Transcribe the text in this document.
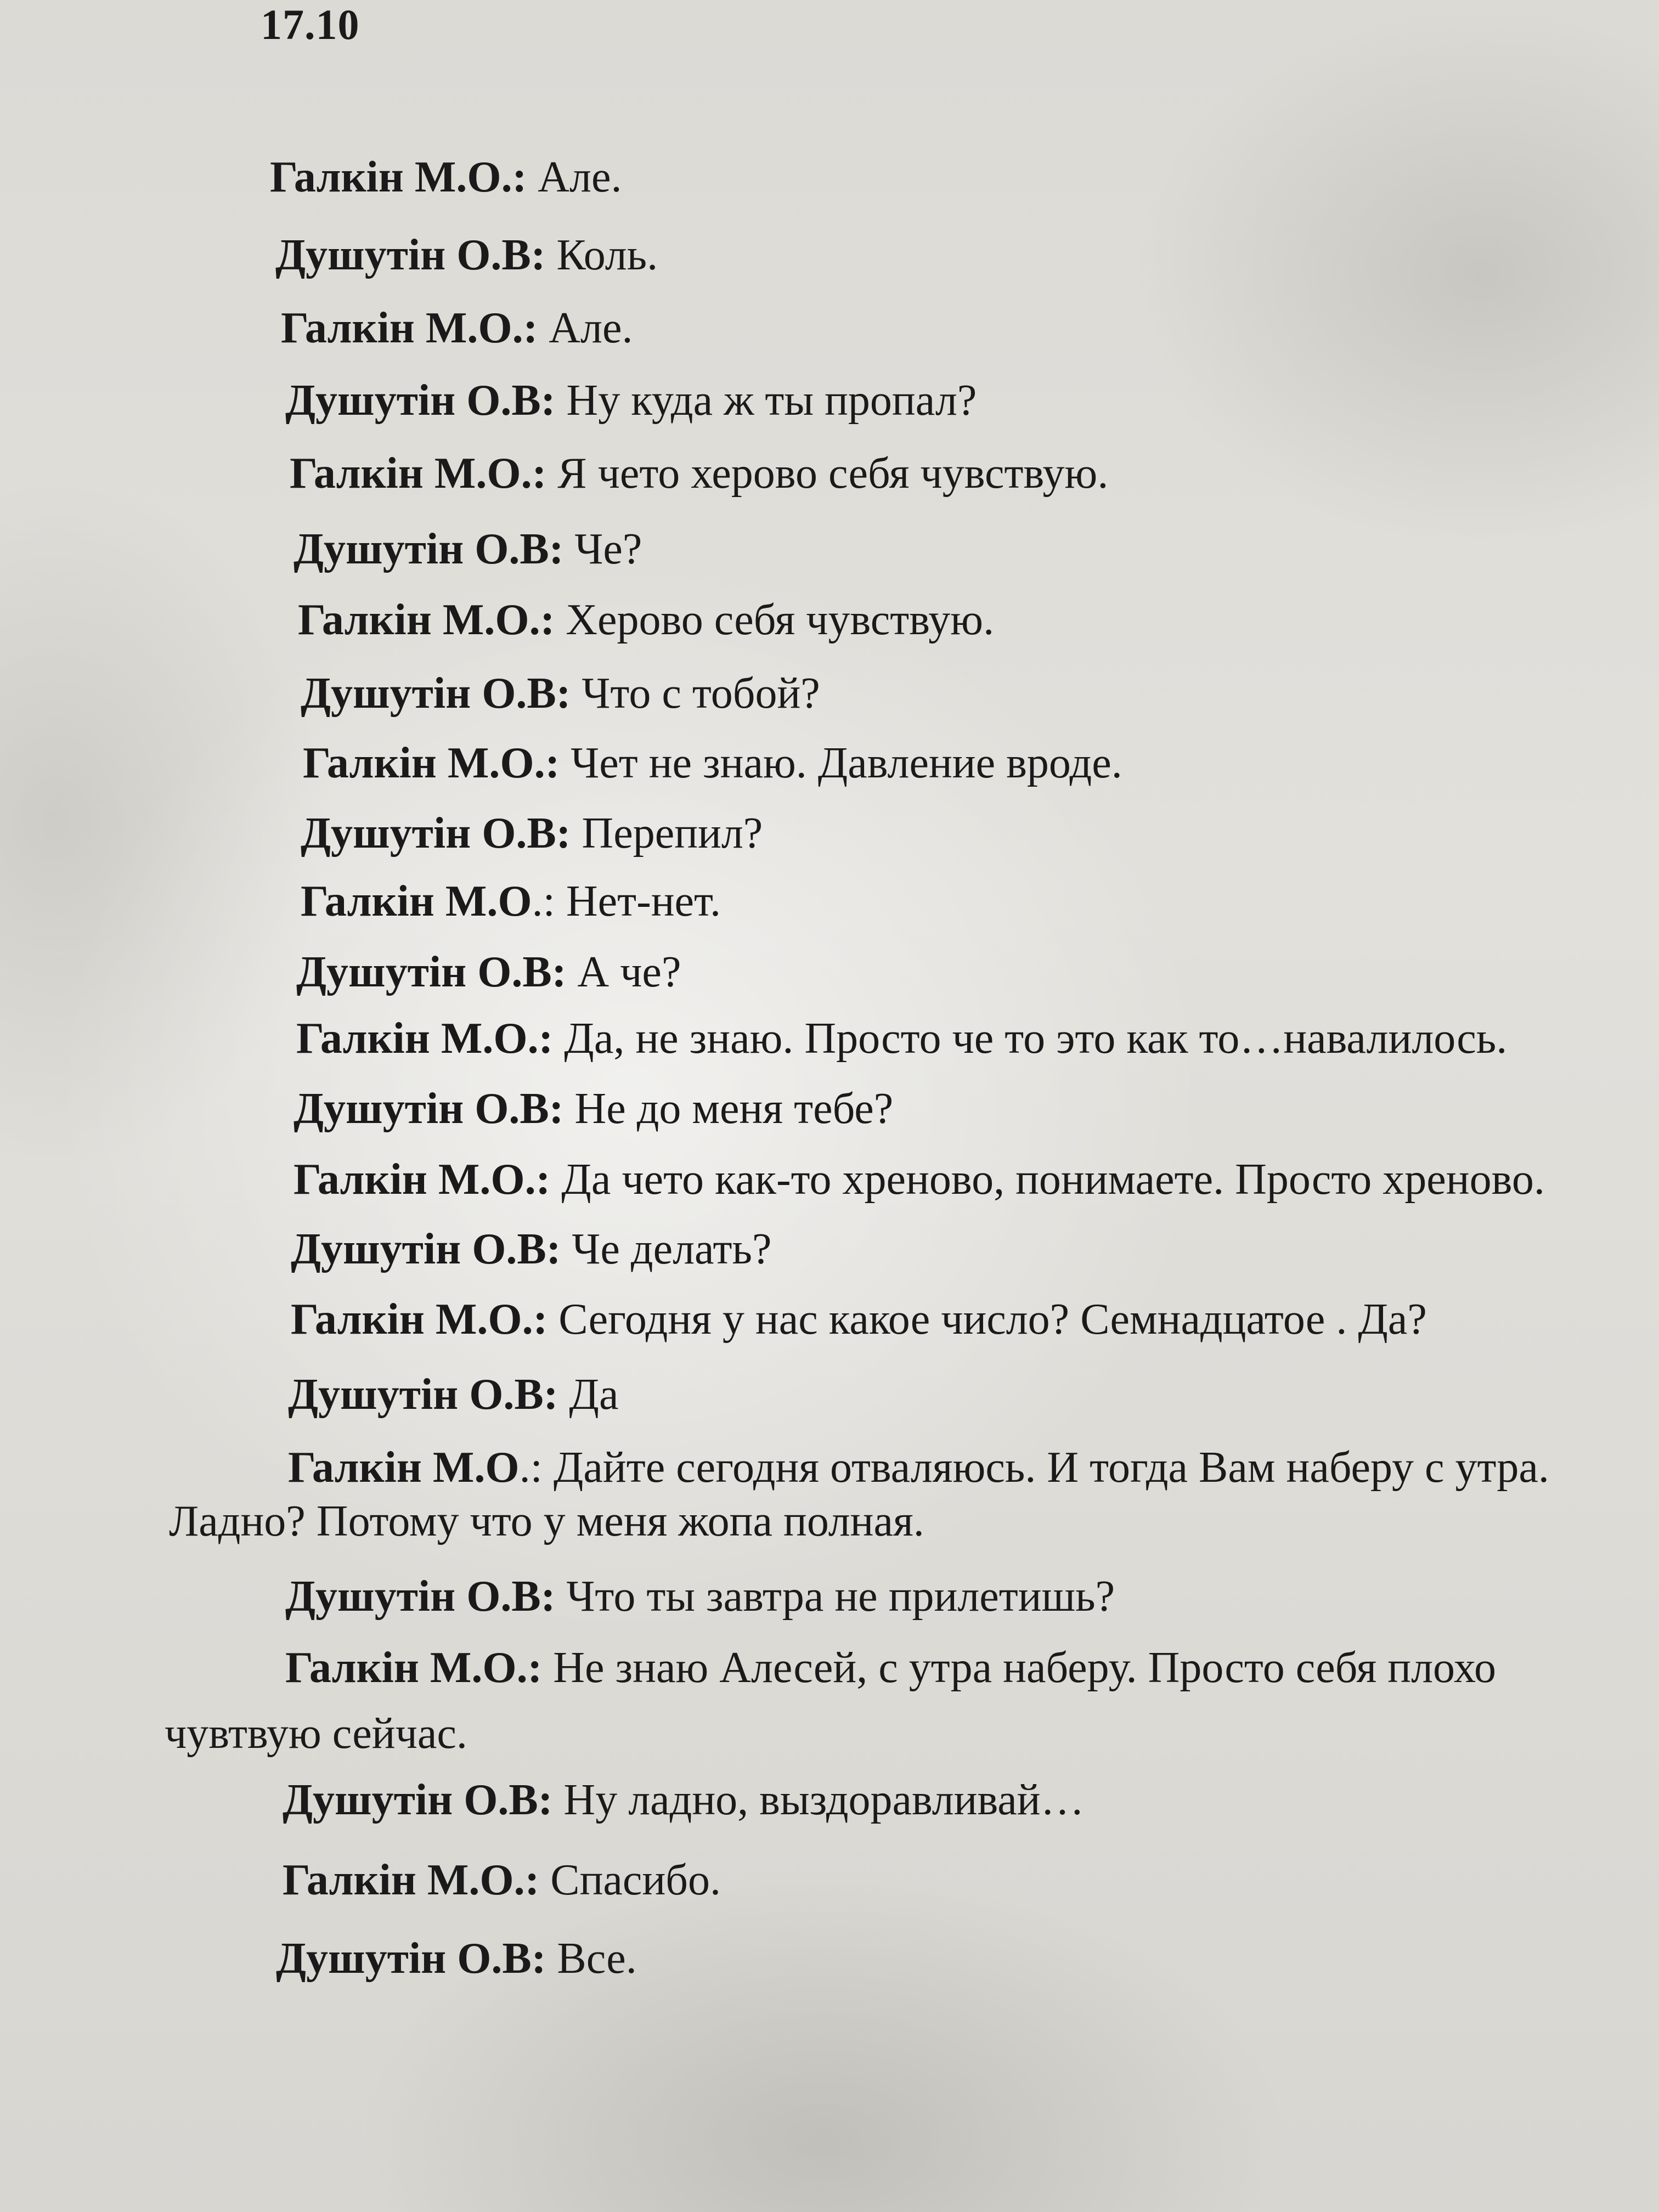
17.10
Галкін М.О.: Але.
Душутін О.В: Коль.
Галкін М.О.: Але.
Душутін О.В: Ну куда ж ты пропал?
Галкін М.О.: Я чето херово себя чувствую.
Душутін О.В: Че?
Галкін М.О.: Херово себя чувствую.
Душутін О.В: Что с тобой?
Галкін М.О.: Чет не знаю. Давление вроде.
Душутін О.В: Перепил?
Галкін М.О.: Нет-нет.
Душутін О.В: А че?
Галкін М.О.: Да, не знаю. Просто че то это как то…навалилось.
Душутін О.В: Не до меня тебе?
Галкін М.О.: Да чето как-то хреново, понимаете. Просто хреново.
Душутін О.В: Че делать?
Галкін М.О.: Сегодня у нас какое число? Семнадцатое . Да?
Душутін О.В: Да
Галкін М.О.: Дайте сегодня отваляюсь. И тогда Вам наберу с утра.
Ладно? Потому что у меня жопа полная.
Душутін О.В: Что ты завтра не прилетишь?
Галкін М.О.: Не знаю Алесей, с утра наберу. Просто себя плохо
чувтвую сейчас.
Душутін О.В: Ну ладно, выздоравливай…
Галкін М.О.: Спасибо.
Душутін О.В: Все.
